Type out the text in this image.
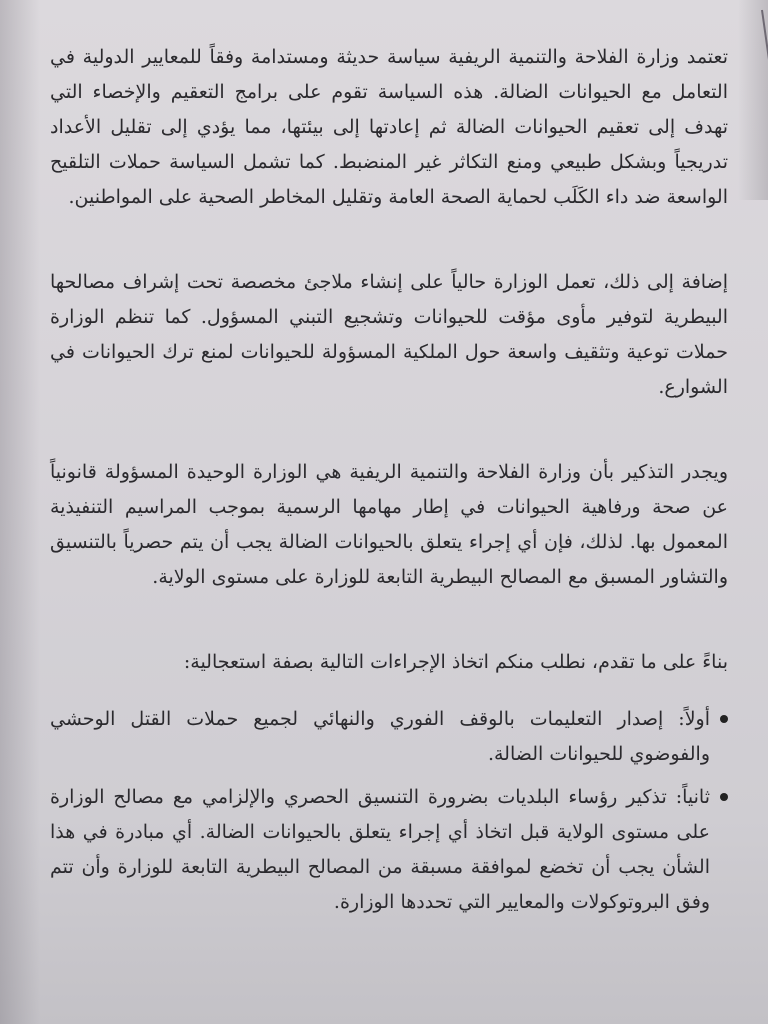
تعتمد وزارة الفلاحة والتنمية الريفية سياسة حديثة ومستدامة وفقاً للمعايير الدولية في التعامل مع الحيوانات الضالة. هذه السياسة تقوم على برامج التعقيم والإخصاء التي تهدف إلى تعقيم الحيوانات الضالة ثم إعادتها إلى بيئتها، مما يؤدي إلى تقليل الأعداد تدريجياً وبشكل طبيعي ومنع التكاثر غير المنضبط. كما تشمل السياسة حملات التلقيح الواسعة ضد داء الكَلَب لحماية الصحة العامة وتقليل المخاطر الصحية على المواطنين.

إضافة إلى ذلك، تعمل الوزارة حالياً على إنشاء ملاجئ مخصصة تحت إشراف مصالحها البيطرية لتوفير مأوى مؤقت للحيوانات وتشجيع التبني المسؤول. كما تنظم الوزارة حملات توعية وتثقيف واسعة حول الملكية المسؤولة للحيوانات لمنع ترك الحيوانات في الشوارع.

ويجدر التذكير بأن وزارة الفلاحة والتنمية الريفية هي الوزارة الوحيدة المسؤولة قانونياً عن صحة ورفاهية الحيوانات في إطار مهامها الرسمية بموجب المراسيم التنفيذية المعمول بها. لذلك، فإن أي إجراء يتعلق بالحيوانات الضالة يجب أن يتم حصرياً بالتنسيق والتشاور المسبق مع المصالح البيطرية التابعة للوزارة على مستوى الولاية.

بناءً على ما تقدم، نطلب منكم اتخاذ الإجراءات التالية بصفة استعجالية:

أولاً: إصدار التعليمات بالوقف الفوري والنهائي لجميع حملات القتل الوحشي والفوضوي للحيوانات الضالة.
ثانياً: تذكير رؤساء البلديات بضرورة التنسيق الحصري والإلزامي مع مصالح الوزارة على مستوى الولاية قبل اتخاذ أي إجراء يتعلق بالحيوانات الضالة. أي مبادرة في هذا الشأن يجب أن تخضع لموافقة مسبقة من المصالح البيطرية التابعة للوزارة وأن تتم وفق البروتوكولات والمعايير التي تحددها الوزارة.
